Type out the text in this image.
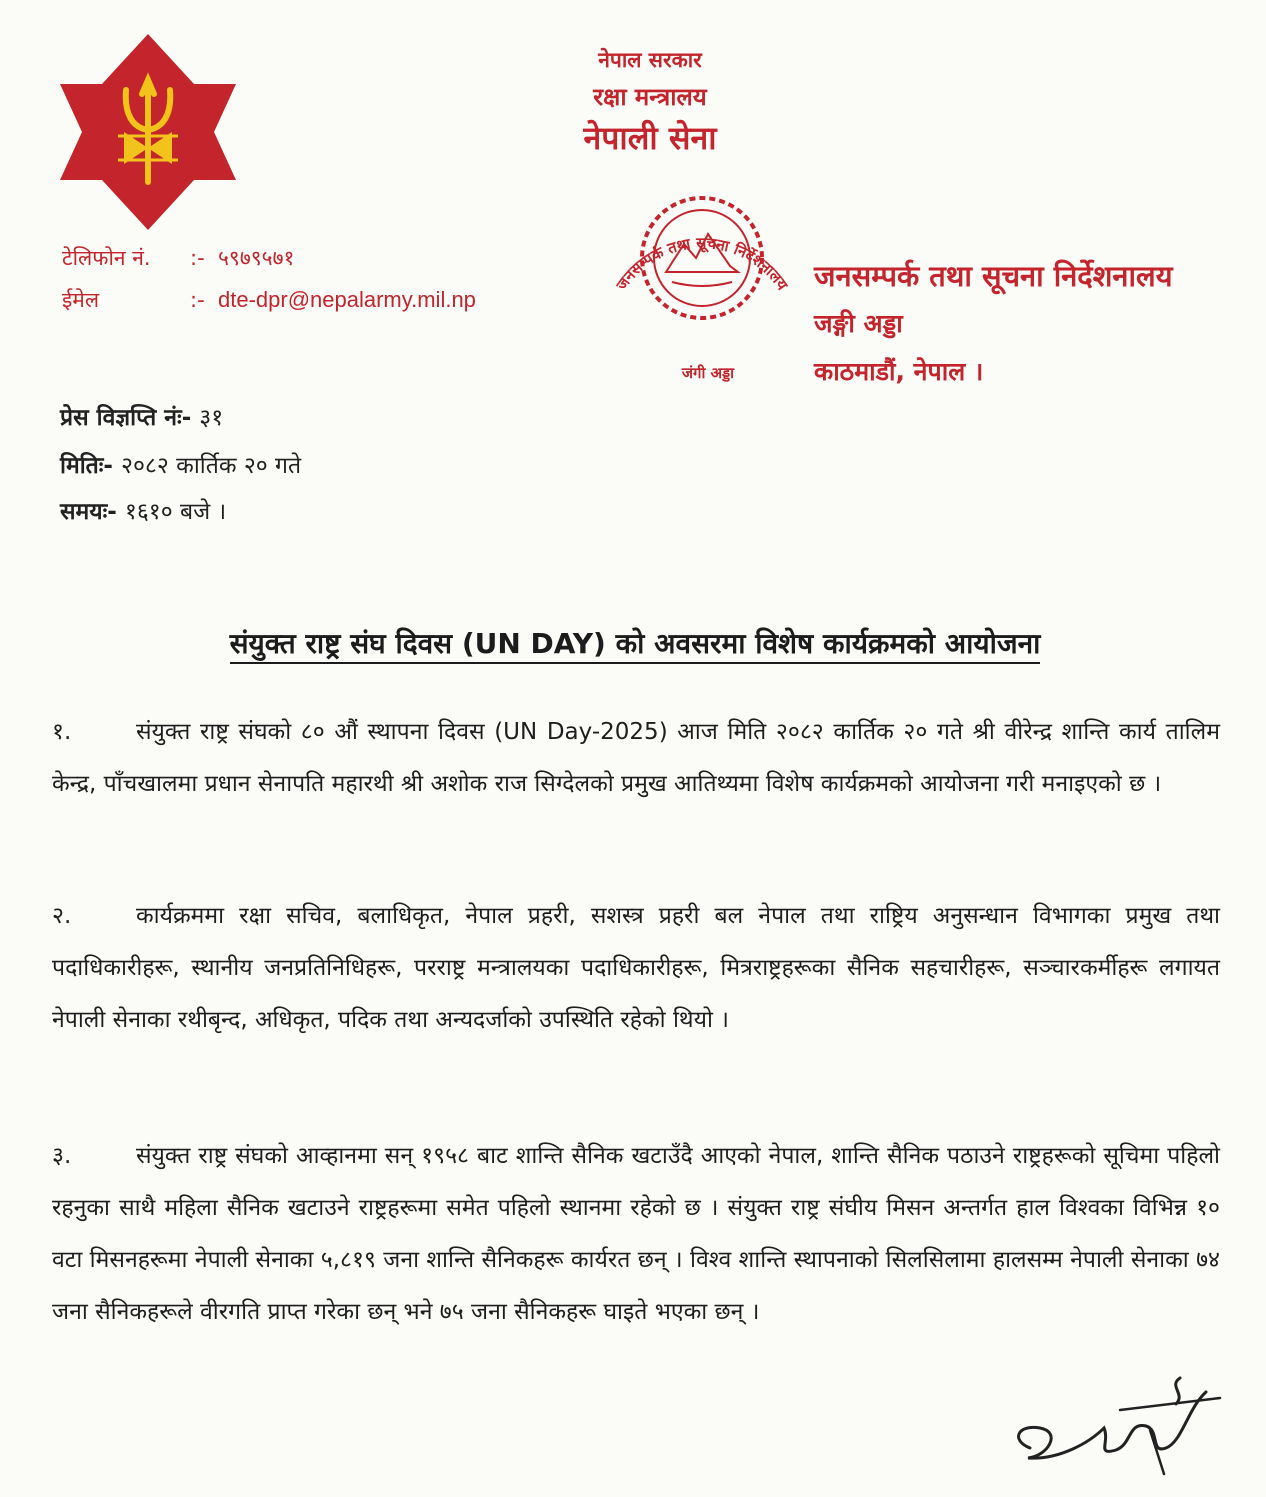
नेपाल सरकार
रक्षा मन्त्रालय
नेपाली सेना
टेलिफोन नं. :- ५९७९५७१
ईमेल	:- dte-dpr@nepalarmy.mil.np
जनसम्पर्क तथा सूचना निर्देशनालय
जंगी अड्डा
जनसम्पर्क तथा सूचना निर्देशनालय
जङ्गी अड्डा
काठमाडौं, नेपाल ।
प्रेस विज्ञप्ति नंः- ३१
मितिः- २०८२ कार्तिक २० गते
समयः- १६१० बजे ।
संयुक्त राष्ट्र संघ दिवस (UN DAY) को अवसरमा विशेष कार्यक्रमको आयोजना
१.	संयुक्त राष्ट्र संघको ८० औं स्थापना दिवस (UN Day-2025) आज मिति २०८२ कार्तिक २० गते श्री वीरेन्द्र शान्ति कार्य तालिम केन्द्र, पाँचखालमा प्रधान सेनापति महारथी श्री अशोक राज सिग्देलको प्रमुख आतिथ्यमा विशेष कार्यक्रमको आयोजना गरी मनाइएको छ ।
२.	कार्यक्रममा रक्षा सचिव, बलाधिकृत, नेपाल प्रहरी, सशस्त्र प्रहरी बल नेपाल तथा राष्ट्रिय अनुसन्धान विभागका प्रमुख तथा पदाधिकारीहरू, स्थानीय जनप्रतिनिधिहरू, परराष्ट्र मन्त्रालयका पदाधिकारीहरू, मित्रराष्ट्रहरूका सैनिक सहचारीहरू, सञ्चारकर्मीहरू लगायत नेपाली सेनाका रथीबृन्द, अधिकृत, पदिक तथा अन्यदर्जाको उपस्थिति रहेको थियो ।
३.	संयुक्त राष्ट्र संघको आव्हानमा सन् १९५८ बाट शान्ति सैनिक खटाउँदै आएको नेपाल, शान्ति सैनिक पठाउने राष्ट्रहरूको सूचिमा पहिलो रहनुका साथै महिला सैनिक खटाउने राष्ट्रहरूमा समेत पहिलो स्थानमा रहेको छ । संयुक्त राष्ट्र संघीय मिसन अन्तर्गत हाल विश्वका विभिन्न १० वटा मिसनहरूमा नेपाली सेनाका ५,८१९ जना शान्ति सैनिकहरू कार्यरत छन् । विश्व शान्ति स्थापनाको सिलसिलामा हालसम्म नेपाली सेनाका ७४ जना सैनिकहरूले वीरगति प्राप्त गरेका छन् भने ७५ जना सैनिकहरू घाइते भएका छन् ।
